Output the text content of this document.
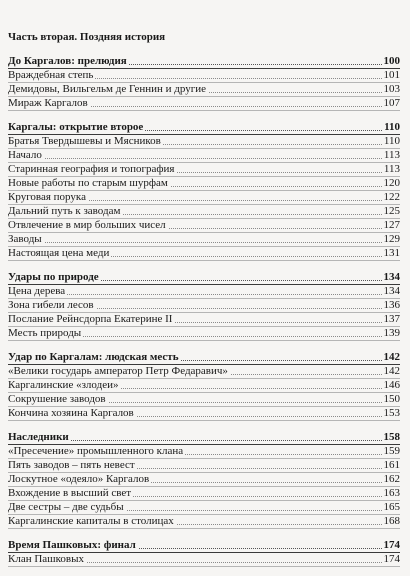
Часть вторая. Поздняя история
До Каргалов: прелюдия	100
Враждебная степь	101
Демидовы, Вильгельм де Геннин и другие	103
Мираж Каргалов	107
Каргалы: открытие второе	110
Братья Твердышевы и Мясников	110
Начало	113
Старинная география и топография	113
Новые работы по старым шурфам	120
Круговая порука	122
Дальний путь к заводам	125
Отвлечение в мир больших чисел	127
Заводы	129
Настоящая цена меди	131
Удары по природе	134
Цена дерева	134
Зона гибели лесов	136
Послание Рейнсдорпа Екатерине II	137
Месть природы	139
Удар по Каргалам: людская месть	142
«Велики государь амператор Петр Федаравич»	142
Каргалинские «злодеи»	146
Сокрушение заводов	150
Кончина хозяина Каргалов	153
Наследники	158
«Пресечение» промышленного клана	159
Пять заводов – пять невест	161
Лоскутное «одеяло» Каргалов	162
Вхождение в высший свет	163
Две сестры – две судьбы	165
Каргалинские капиталы в столицах	168
Время Пашковых: финал	174
Клан Пашковых	174
